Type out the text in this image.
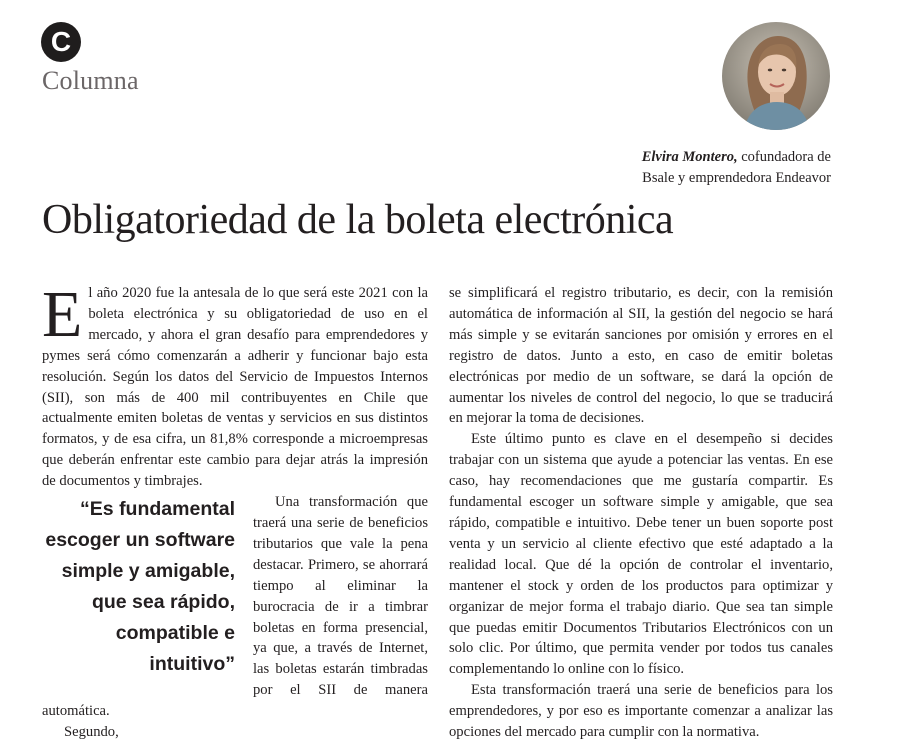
C
Columna
Elvira Montero, cofundadora de
Bsale y emprendedora Endeavor
Obligatoriedad de la boleta electrónica

El año 2020 fue la antesala de lo que será este 2021 con la boleta electrónica y su obligatoriedad de uso en el mercado, y ahora el gran desafío para emprendedores y pymes será cómo comenzarán a adherir y funcionar bajo esta resolución. Según los datos del Servicio de Impuestos Internos (SII), son más de 400 mil contribuyentes en Chile que actualmente emiten boletas de ventas y servicios en sus distintos formatos, y de esa cifra, un 81,8% corresponde a microempresas que deberán enfrentar este cambio para dejar atrás la impresión de documentos y timbrajes.

“Es fundamental escoger un software simple y amigable, que sea rápido, compatible e intuitivo”

Una transformación que traerá una serie de beneficios tributarios que vale la pena destacar. Primero, se ahorrará tiempo al eliminar la burocracia de ir a timbrar boletas en forma presencial, ya que, a través de Internet, las boletas estarán timbradas por el SII de manera automática.

Segundo,

se simplificará el registro tributario, es decir, con la remisión automática de información al SII, la gestión del negocio se hará más simple y se evitarán sanciones por omisión y errores en el registro de datos. Junto a esto, en caso de emitir boletas electrónicas por medio de un software, se dará la opción de aumentar los niveles de control del negocio, lo que se traducirá en mejorar la toma de decisiones.

Este último punto es clave en el desempeño si decides trabajar con un sistema que ayude a potenciar las ventas. En ese caso, hay recomendaciones que me gustaría compartir. Es fundamental escoger un software simple y amigable, que sea rápido, compatible e intuitivo. Debe tener un buen soporte post venta y un servicio al cliente efectivo que esté adaptado a la realidad local. Que dé la opción de controlar el inventario, mantener el stock y orden de los productos para optimizar y organizar de mejor forma el trabajo diario. Que sea tan simple que puedas emitir Documentos Tributarios Electrónicos con un solo clic. Por último, que permita vender por todos tus canales complementando lo online con lo físico.

Esta transformación traerá una serie de beneficios para los emprendedores, y por eso es importante comenzar a analizar las opciones del mercado para cumplir con la normativa.
